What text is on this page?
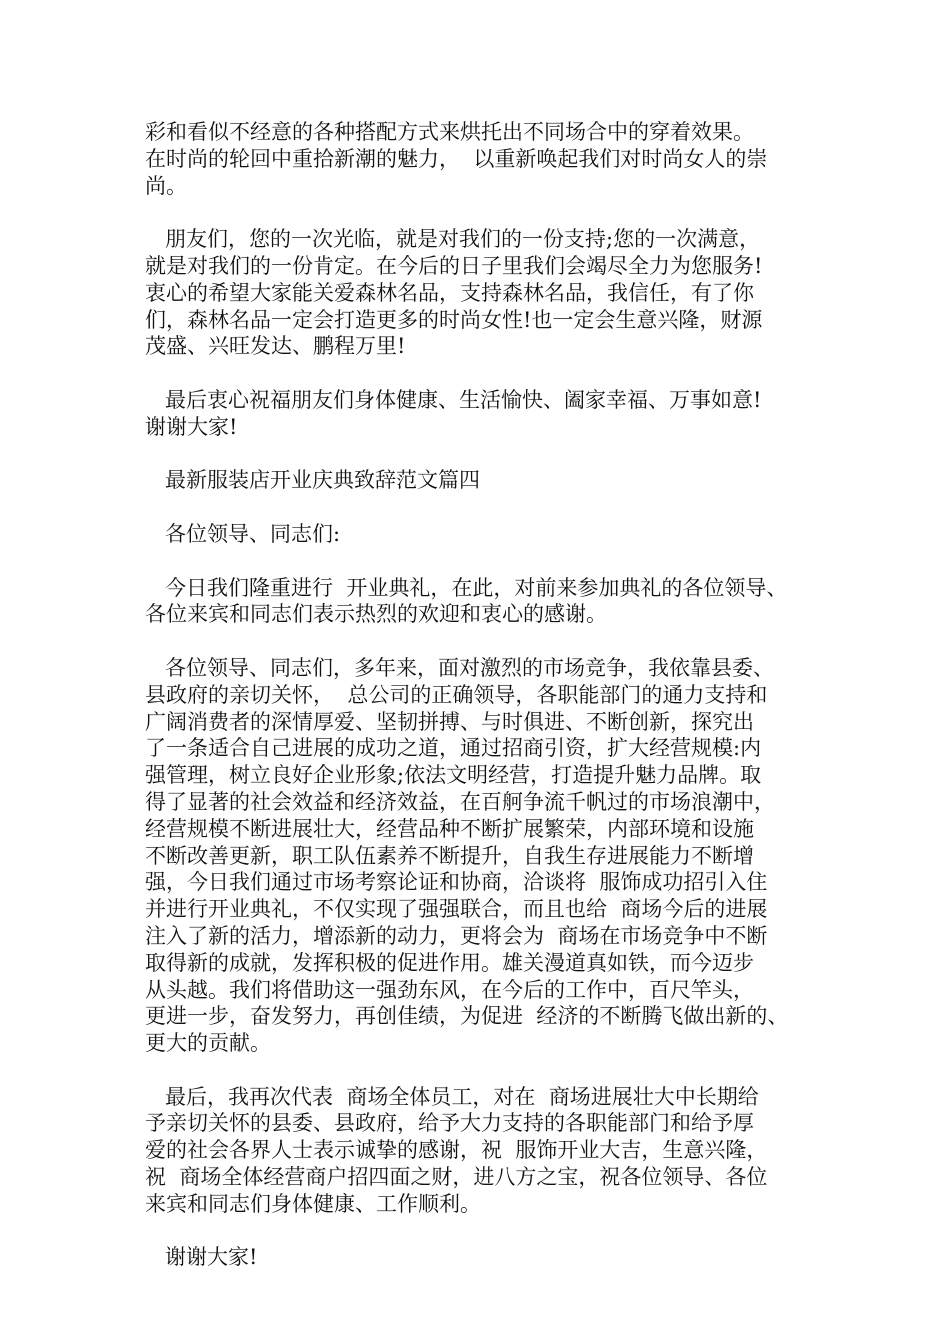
彩和看似不经意的各种搭配方式来烘托出不同场合中的穿着效果。
在时尚的轮回中重拾新潮的魅力，  以重新唤起我们对时尚女人的崇
尚。

朋友们，您的一次光临，就是对我们的一份支持;您的一次满意，
就是对我们的一份肯定。在今后的日子里我们会竭尽全力为您服务!
衷心的希望大家能关爱森林名品，支持森林名品，我信任，有了你
们，森林名品一定会打造更多的时尚女性!也一定会生意兴隆，财源
茂盛、兴旺发达、鹏程万里!

最后衷心祝福朋友们身体健康、生活愉快、阖家幸福、万事如意!
谢谢大家!

最新服装店开业庆典致辞范文篇四

各位领导、同志们:

今日我们隆重进行  开业典礼，在此，对前来参加典礼的各位领导、
各位来宾和同志们表示热烈的欢迎和衷心的感谢。

各位领导、同志们，多年来，面对激烈的市场竞争，我依靠县委、
县政府的亲切关怀，  总公司的正确领导，各职能部门的通力支持和
广阔消费者的深情厚爱、坚韧拼搏、与时俱进、不断创新，探究出
了一条适合自己进展的成功之道，通过招商引资，扩大经营规模:内
强管理，树立良好企业形象;依法文明经营，打造提升魅力品牌。取
得了显著的社会效益和经济效益，在百舸争流千帆过的市场浪潮中，
经营规模不断进展壮大，经营品种不断扩展繁荣，内部环境和设施
不断改善更新，职工队伍素养不断提升，自我生存进展能力不断增
强，今日我们通过市场考察论证和协商，洽谈将  服饰成功招引入住
并进行开业典礼，不仅实现了强强联合，而且也给  商场今后的进展
注入了新的活力，增添新的动力，更将会为  商场在市场竞争中不断
取得新的成就，发挥积极的促进作用。雄关漫道真如铁，而今迈步
从头越。我们将借助这一强劲东风，在今后的工作中，百尺竿头，
更进一步，奋发努力，再创佳绩，为促进  经济的不断腾飞做出新的、
更大的贡献。

最后，我再次代表  商场全体员工，对在  商场进展壮大中长期给
予亲切关怀的县委、县政府，给予大力支持的各职能部门和给予厚
爱的社会各界人士表示诚挚的感谢，祝  服饰开业大吉，生意兴隆，
祝  商场全体经营商户招四面之财，进八方之宝，祝各位领导、各位
来宾和同志们身体健康、工作顺利。

谢谢大家!
